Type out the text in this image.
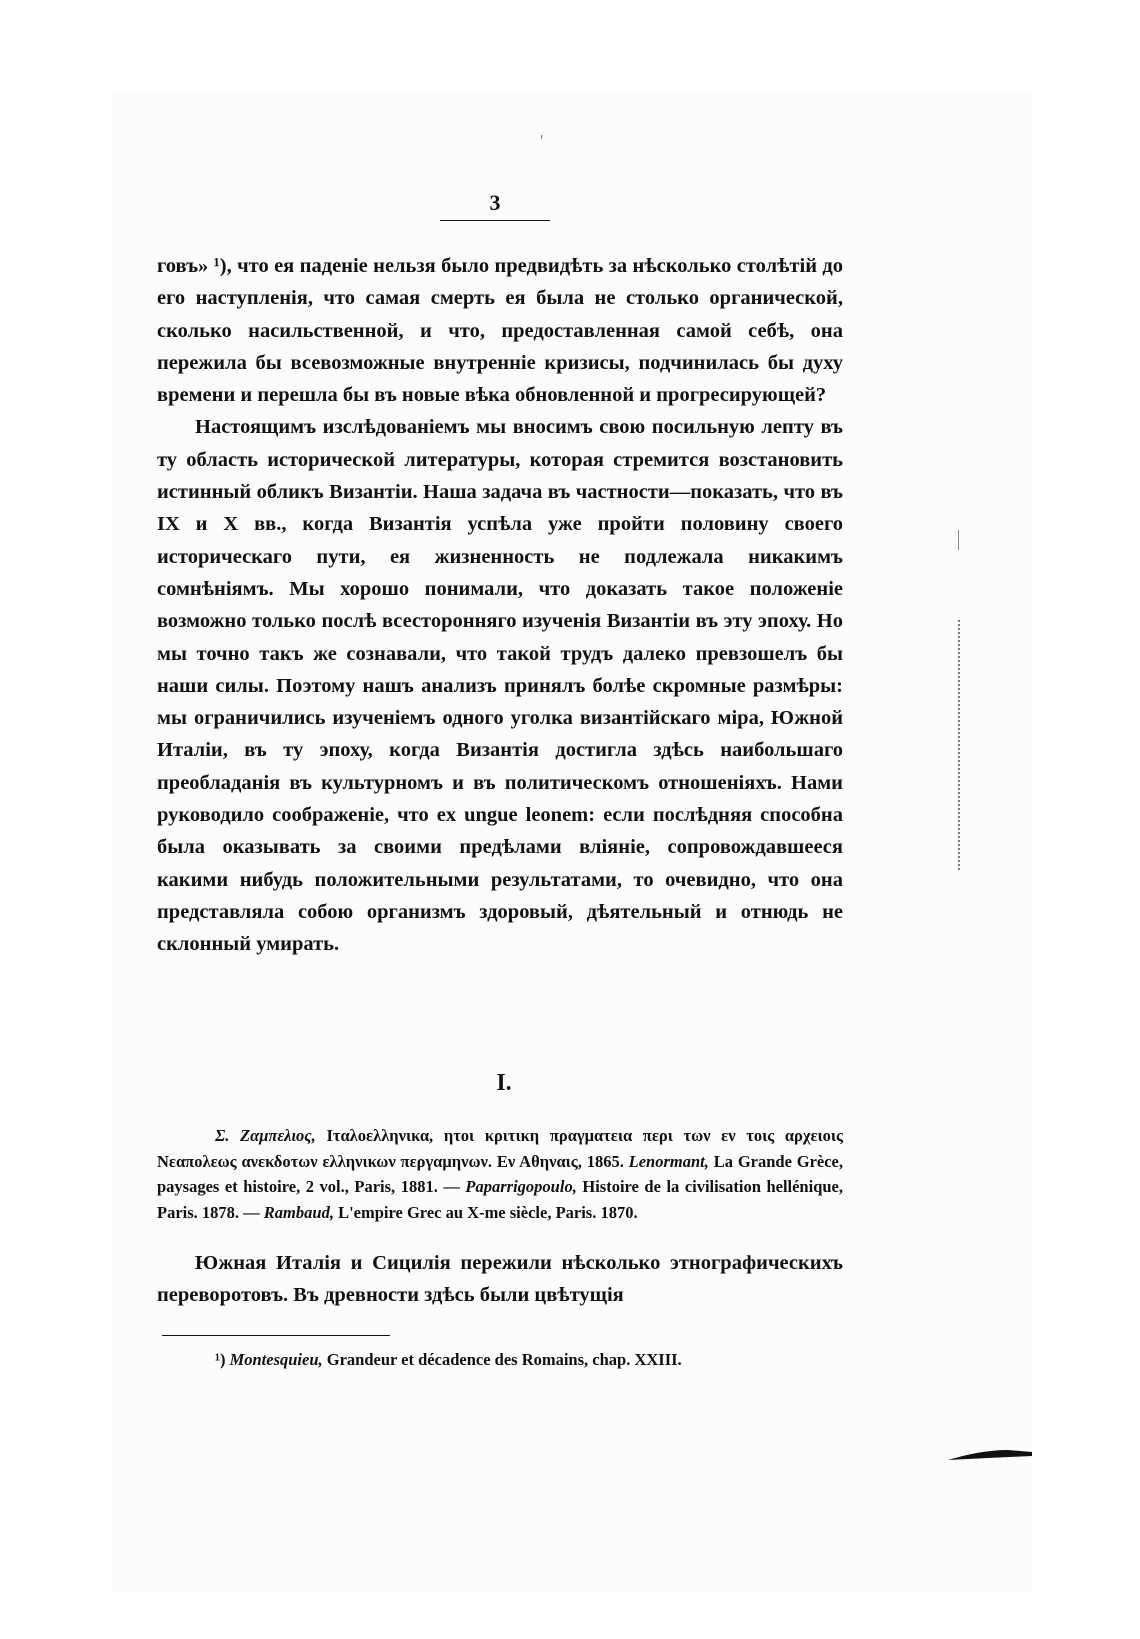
3

говъ» ¹), что ея паденіе нельзя было предвидѣть за нѣсколько столѣтій до его наступленія, что самая смерть ея была не столько органической, сколько насильственной, и что, предоставленная самой себѣ, она пережила бы всевозможные внутренніе кризисы, подчинилась бы духу времени и перешла бы въ новые вѣка обновленной и прогресирующей?

Настоящимъ изслѣдованіемъ мы вносимъ свою посильную лепту въ ту область исторической литературы, которая стремится возстановить истинный обликъ Византіи. Наша задача въ частности—показать, что въ IX и X вв., когда Византія успѣла уже пройти половину своего историческаго пути, ея жизненность не подлежала никакимъ сомнѣніямъ. Мы хорошо понимали, что доказать такое положеніе возможно только послѣ всесторонняго изученія Византіи въ эту эпоху. Но мы точно такъ же сознавали, что такой трудъ далеко превзошелъ бы наши силы. Поэтому нашъ анализъ принялъ болѣе скромные размѣры: мы ограничились изученіемъ одного уголка византійскаго міра, Южной Италіи, въ ту эпоху, когда Византія достигла здѣсь наибольшаго преобладанія въ культурномъ и въ политическомъ отношеніяхъ. Нами руководило соображеніе, что ex ungue leonem: если послѣдняя способна была оказывать за своими предѣлами вліяніе, сопровождавшееся какими нибудь положительными результатами, то очевидно, что она представляла собою организмъ здоровый, дѣятельный и отнюдь не склонный умирать.

I.
Σ. Ζαμπελιος, Ιταλοελληνικα, ητοι κριτικη πραγματεια περι των εν τοις αρχειοις Νεαπολεως ανεκδοτων ελληνικων περγαμηνων. Εν Αθηναις, 1865. Lenormant, La Grande Grèce, paysages et histoire, 2 vol., Paris, 1881. — Paparrigopoulo, Histoire de la civilisation hellénique, Paris. 1878. — Rambaud, L'empire Grec au X-me siècle, Paris. 1870.
Южная Италія и Сицилія пережили нѣсколько этнографическихъ переворотовъ. Въ древности здѣсь были цвѣтущія
¹) Montesquieu, Grandeur et décadence des Romains, chap. XXIII.
